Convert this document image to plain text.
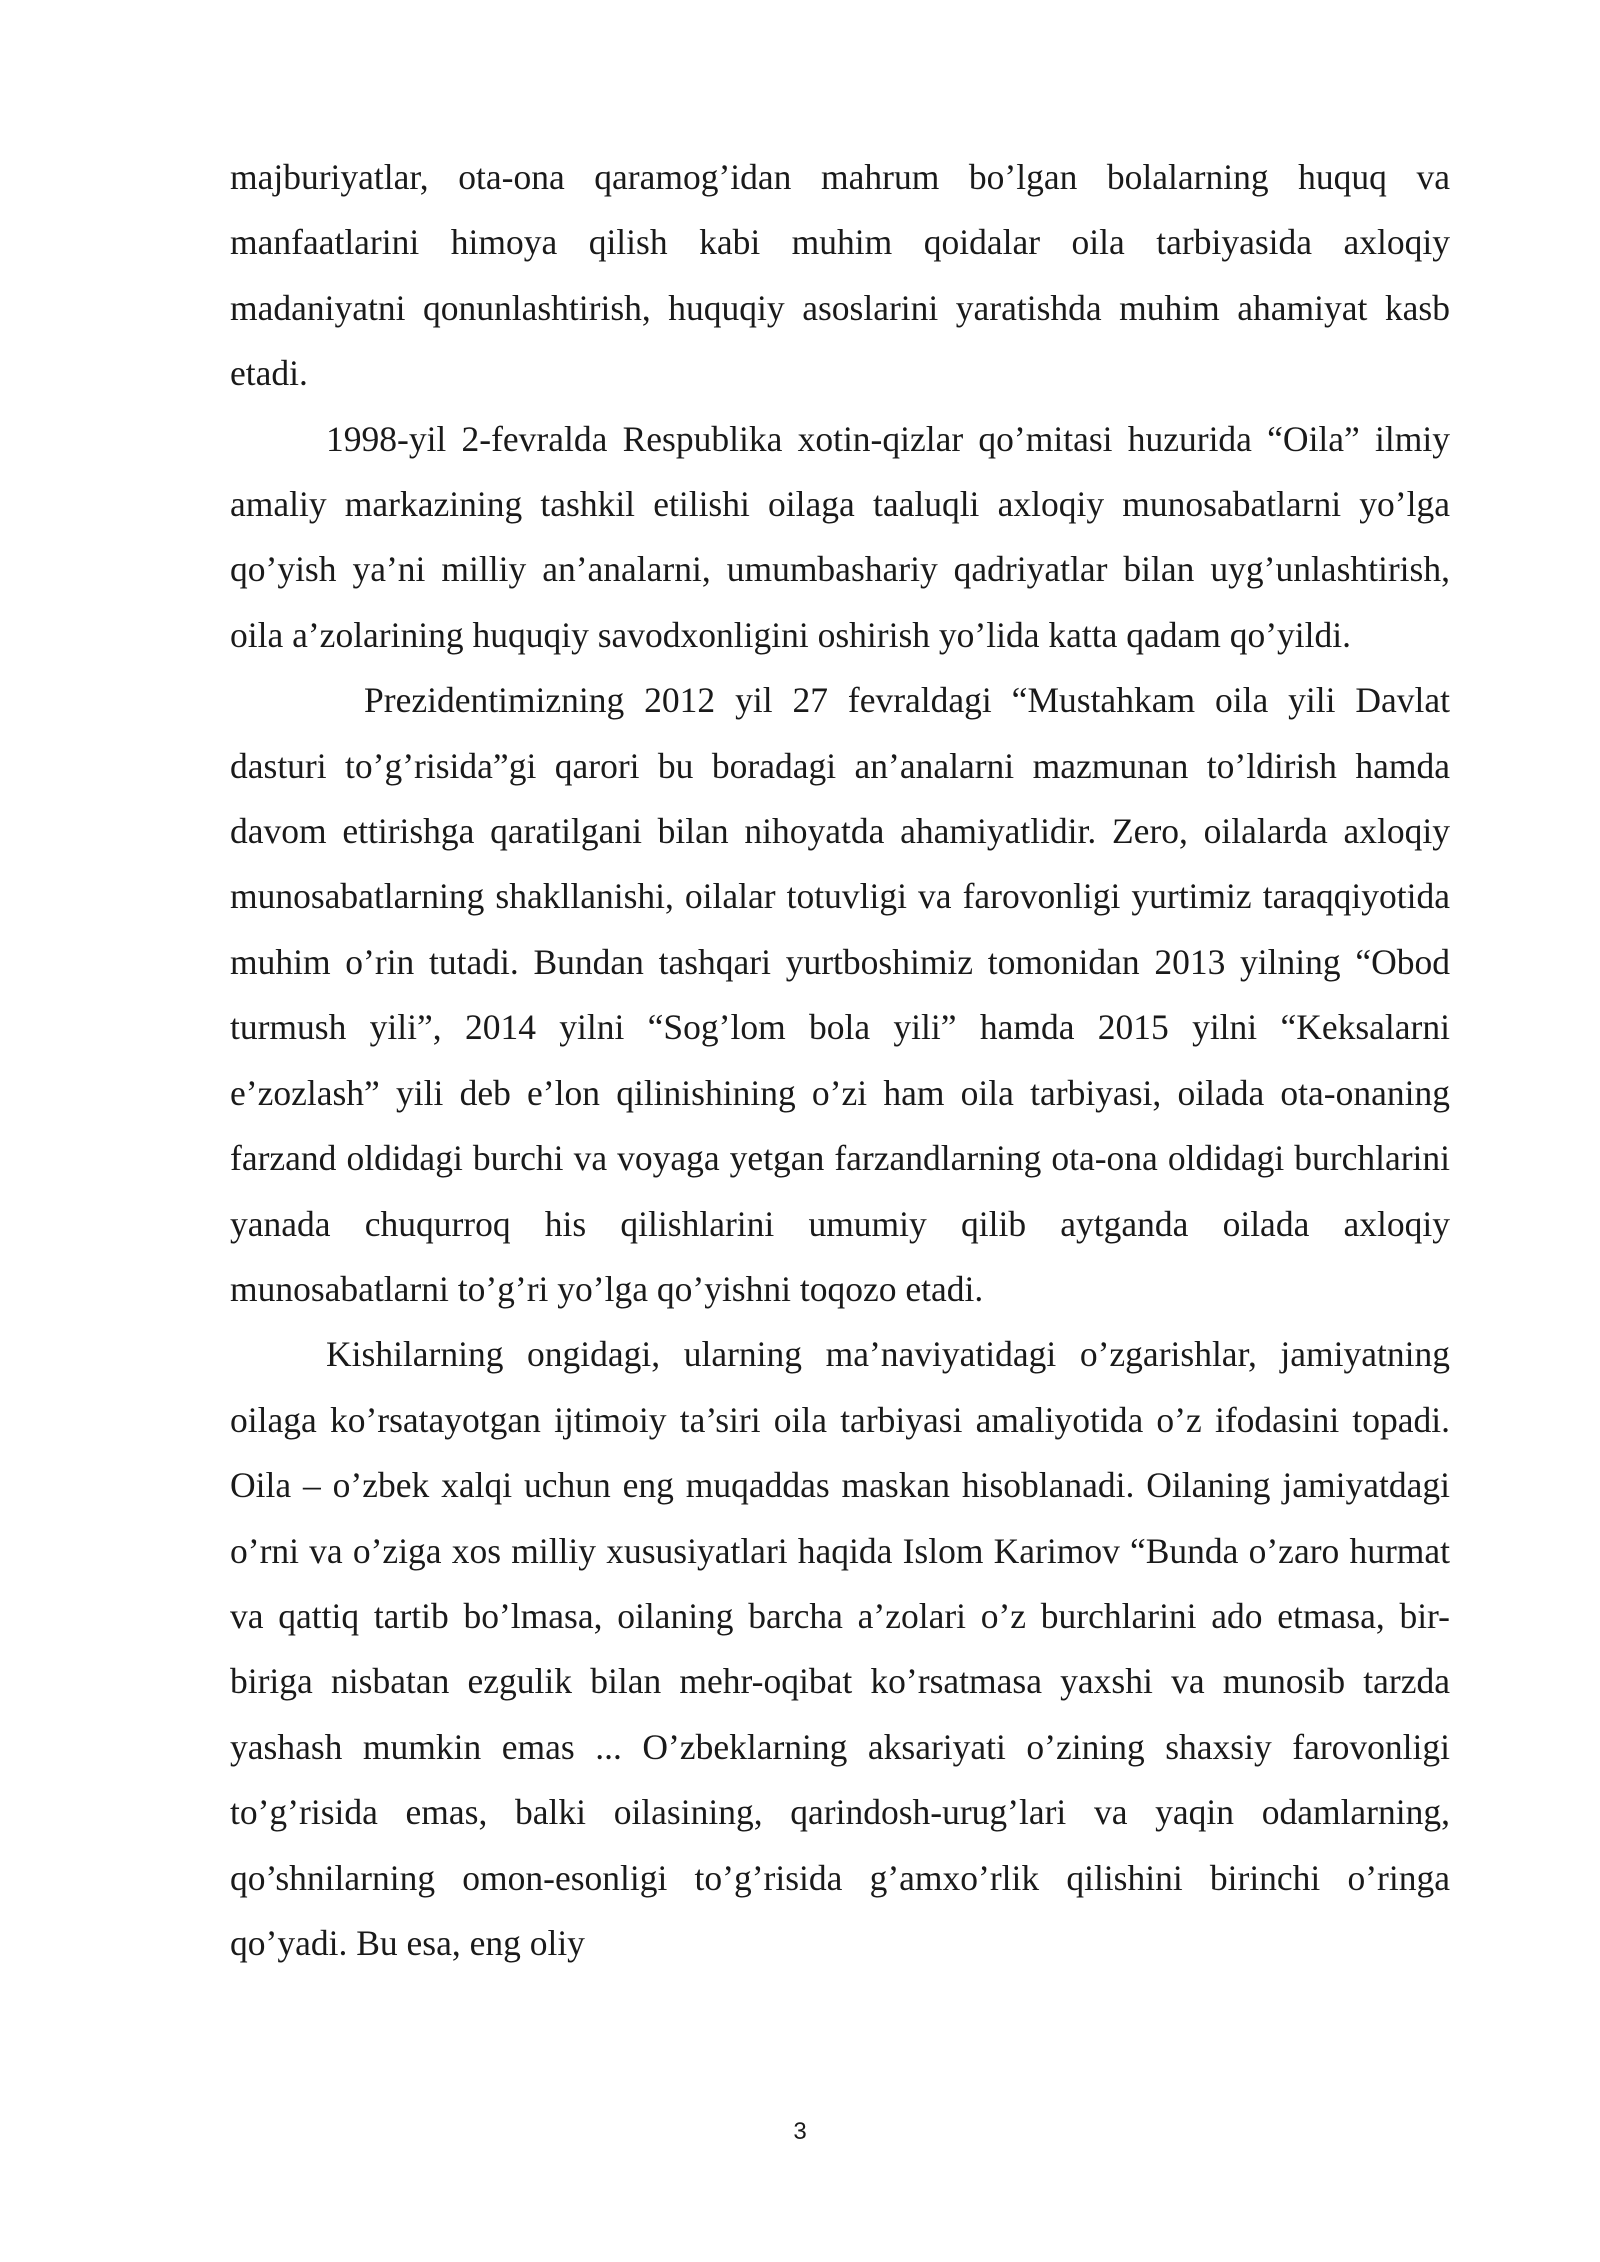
majburiyatlar, ota-ona qaramog’idan mahrum bo’lgan bolalarning huquq va manfaatlarini himoya qilish kabi muhim qoidalar oila tarbiyasida axloqiy madaniyatni qonunlashtirish, huquqiy asoslarini yaratishda muhim ahamiyat kasb etadi.

1998-yil 2-fevralda Respublika xotin-qizlar qo’mitasi huzurida “Oila” ilmiy amaliy markazining tashkil etilishi oilaga taaluqli axloqiy munosabatlarni yo’lga qo’yish ya’ni milliy an’analarni, umumbashariy qadriyatlar bilan uyg’unlashtirish, oila a’zolarining huquqiy savodxonligini oshirish yo’lida katta qadam qo’yildi.

Prezidentimizning 2012 yil 27 fevraldagi “Mustahkam oila yili Davlat dasturi to’g’risida”gi qarori bu boradagi an’analarni mazmunan to’ldirish hamda davom ettirishga qaratilgani bilan nihoyatda ahamiyatlidir. Zero, oilalarda axloqiy munosabatlarning shakllanishi, oilalar totuvligi va farovonligi yurtimiz taraqqiyotida muhim o’rin tutadi. Bundan tashqari yurtboshimiz tomonidan 2013 yilning “Obod turmush yili”, 2014 yilni “Sog’lom bola yili” hamda 2015 yilni “Keksalarni e’zozlash” yili deb e’lon qilinishining o’zi ham oila tarbiyasi, oilada ota-onaning farzand oldidagi burchi va voyaga yetgan farzandlarning ota-ona oldidagi burchlarini yanada chuqurroq his qilishlarini umumiy qilib aytganda oilada axloqiy munosabatlarni to’g’ri yo’lga qo’yishni toqozo etadi.

Kishilarning ongidagi, ularning ma’naviyatidagi o’zgarishlar, jamiyatning oilaga ko’rsatayotgan ijtimoiy ta’siri oila tarbiyasi amaliyotida o’z ifodasini topadi. Oila – o’zbek xalqi uchun eng muqaddas maskan hisoblanadi. Oilaning jamiyatdagi o’rni va o’ziga xos milliy xususiyatlari haqida Islom Karimov “Bunda o’zaro hurmat va qattiq tartib bo’lmasa, oilaning barcha a’zolari o’z burchlarini ado etmasa, bir-biriga nisbatan ezgulik bilan mehr-oqibat ko’rsatmasa yaxshi va munosib tarzda yashash mumkin emas ... O’zbeklarning aksariyati o’zining shaxsiy farovonligi to’g’risida emas, balki oilasining, qarindosh-urug’lari va yaqin odamlarning, qo’shnilarning omon-esonligi to’g’risida g’amxo’rlik qilishini birinchi o’ringa qo’yadi. Bu esa, eng oliy

3
